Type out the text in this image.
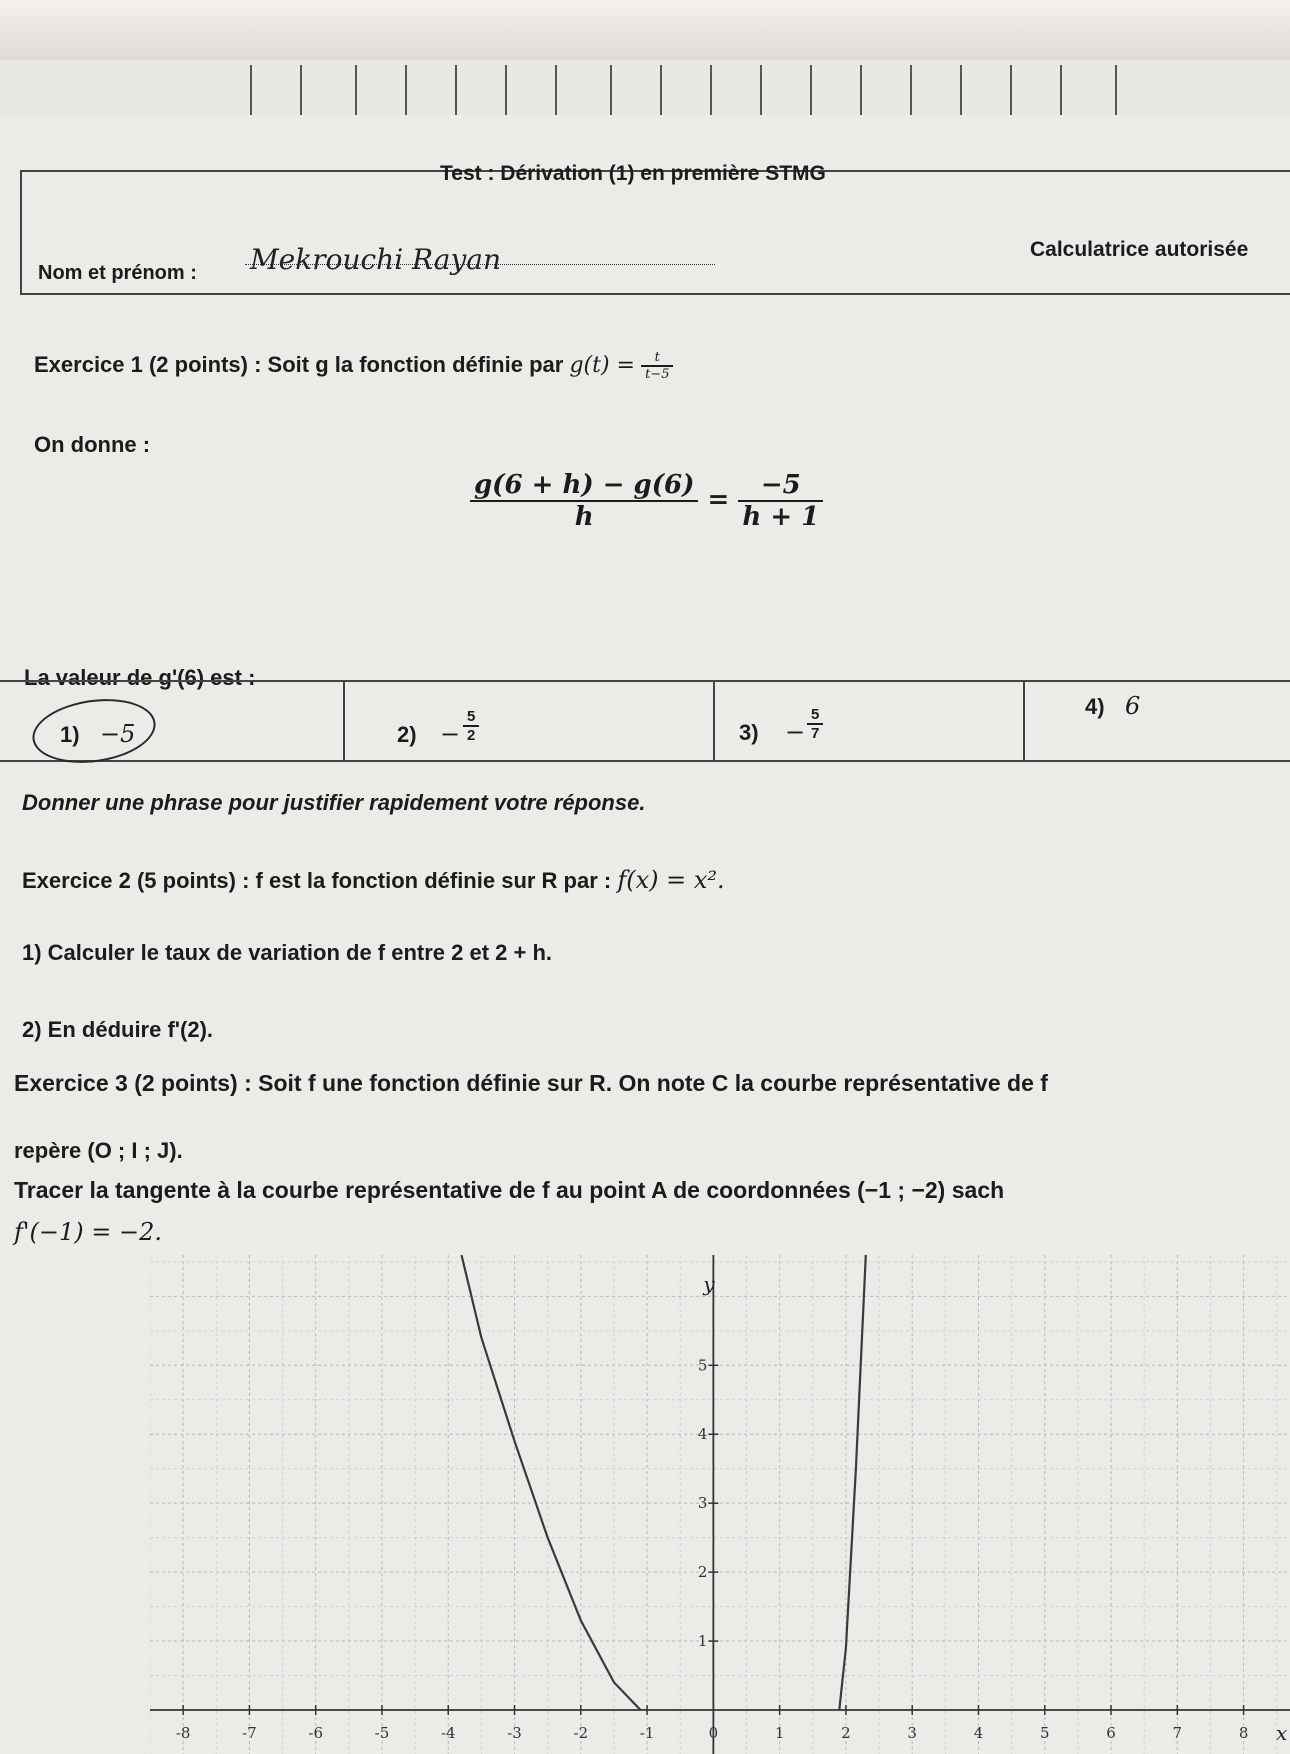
Test : Dérivation (1) en première STMG
Nom et prénom : Mekrouchi Rayan	Calculatrice autorisée
Exercice 1 (2 points) : Soit g la fonction définie par $g(t) = \frac{t}{t-5}$
On donne :
$\frac{g(6 + h) - g(6)}{h} = \frac{-5}{h + 1}$
La valeur de g'(6) est :
1) −5	$2) - \frac{5}{2}$	$3) - \frac{5}{7}$	4) 6
Donner une phrase pour justifier rapidement votre réponse.
Exercice 2 (5 points) : f est la fonction définie sur R par : f(x) = x².
1) Calculer le taux de variation de f entre 2 et 2 + h.
2) En déduire f'(2).
Exercice 3 (2 points) : Soit f une fonction définie sur R. On note C la courbe représentative de f
repère (O ; I ; J).
Tracer la tangente à la courbe représentative de f au point A de coordonnées (−1 ; −2) sach
f'(−1) = −2.
-8	-7	-6	-5	-4	-3	-2	-1	0	1	2	3	4	5	6	7	8
1
2
3
4
5
x
y
